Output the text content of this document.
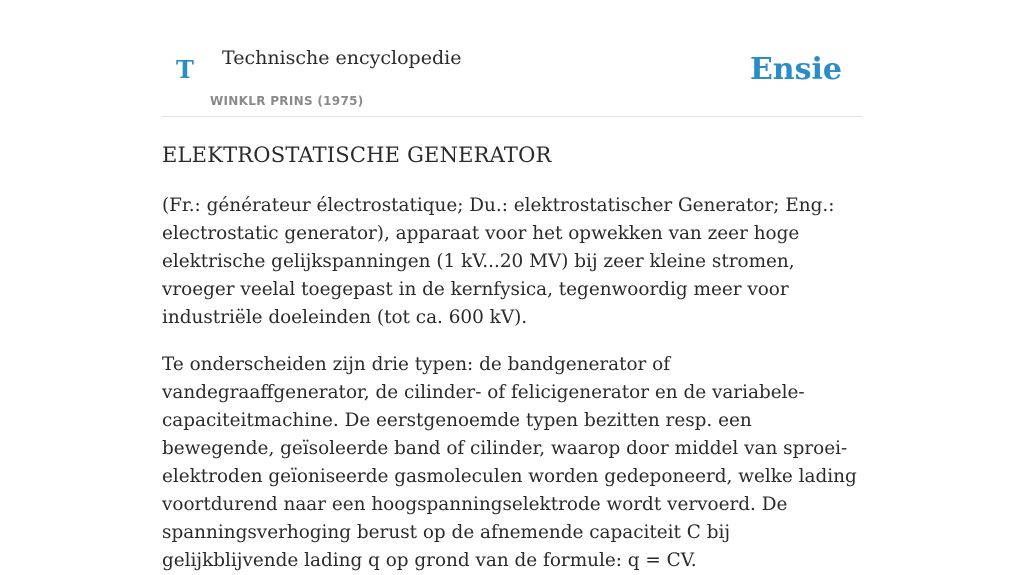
T Technische encyclopedie
WINKLR PRINS (1975)
Ensie
ELEKTROSTATISCHE GENERATOR

(Fr.: générateur électrostatique; Du.: elektrostatischer Generator; Eng.: electrostatic generator), apparaat voor het opwekken van zeer hoge elektrische gelijkspanningen (1 kV...20 MV) bij zeer kleine stromen, vroeger veelal toegepast in de kernfysica, tegenwoordig meer voor industriële doeleinden (tot ca. 600 kV).

Te onderscheiden zijn drie typen: de bandgenerator of vandegraaffgenerator, de cilinder- of felicigenerator en de variabele-capaciteitmachine. De eerstgenoemde typen bezitten resp. een bewegende, geïsoleerde band of cilinder, waarop door middel van sproei-elektroden geïoniseerde gasmoleculen worden gedeponeerd, welke lading voortdurend naar een hoogspanningselektrode wordt vervoerd. De spanningsverhoging berust op de afnemende capaciteit C bij gelijkblijvende lading q op grond van de formule: q = CV.
